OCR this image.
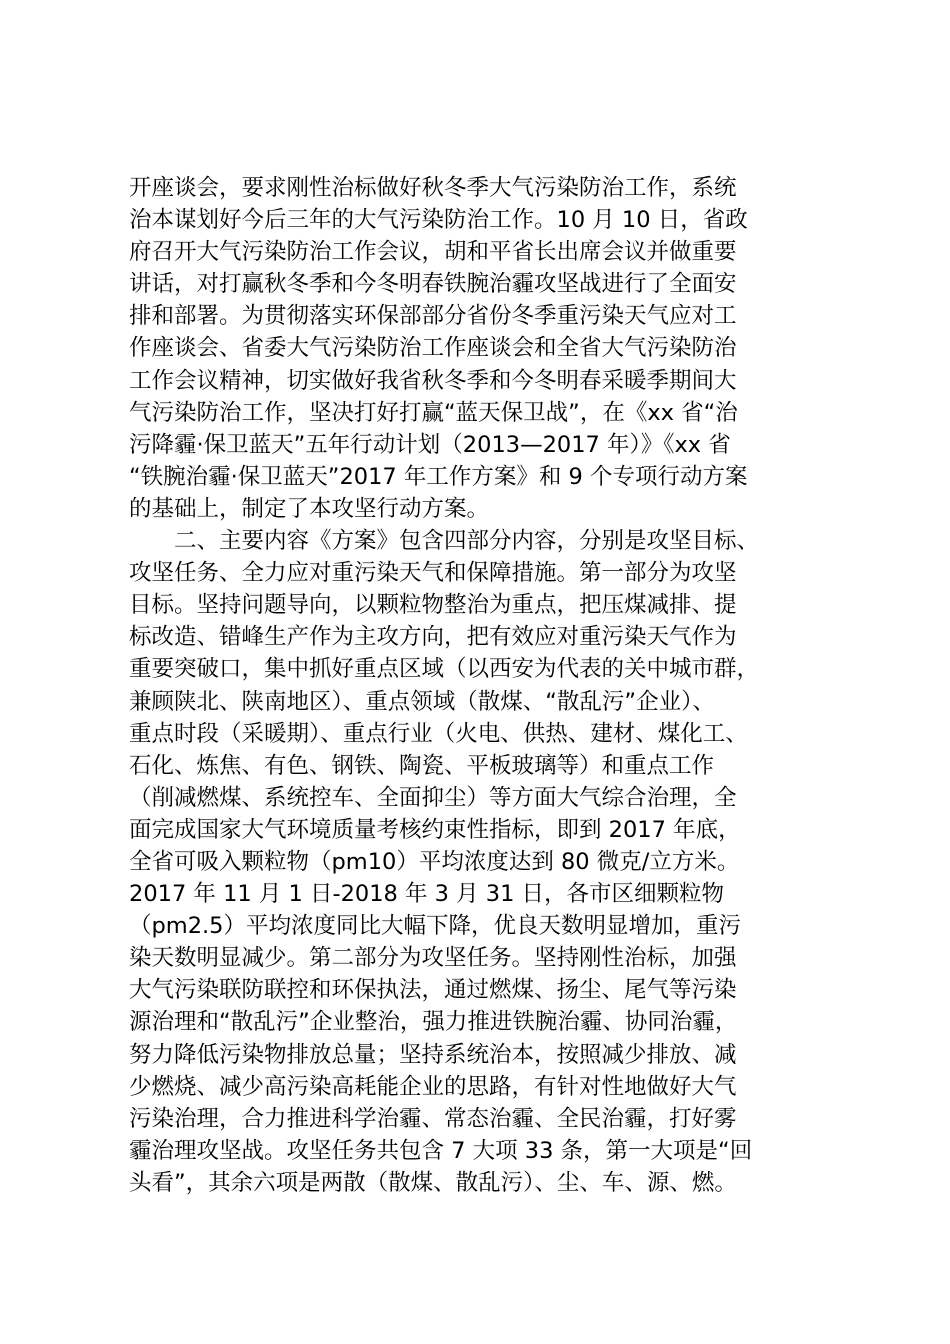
开座谈会，要求刚性治标做好秋冬季大气污染防治工作，系统
治本谋划好今后三年的大气污染防治工作。10 月 10 日，省政
府召开大气污染防治工作会议，胡和平省长出席会议并做重要
讲话，对打赢秋冬季和今冬明春铁腕治霾攻坚战进行了全面安
排和部署。为贯彻落实环保部部分省份冬季重污染天气应对工
作座谈会、省委大气污染防治工作座谈会和全省大气污染防治
工作会议精神，切实做好我省秋冬季和今冬明春采暖季期间大
气污染防治工作，坚决打好打赢“蓝天保卫战”，在《xx 省“治
污降霾·保卫蓝天”五年行动计划（2013—2017 年）》《xx 省
“铁腕治霾·保卫蓝天”2017 年工作方案》和 9 个专项行动方案
的基础上，制定了本攻坚行动方案。
　　二、主要内容《方案》包含四部分内容，分别是攻坚目标、
攻坚任务、全力应对重污染天气和保障措施。第一部分为攻坚
目标。坚持问题导向，以颗粒物整治为重点，把压煤减排、提
标改造、错峰生产作为主攻方向，把有效应对重污染天气作为
重要突破口，集中抓好重点区域（以西安为代表的关中城市群，
兼顾陕北、陕南地区）、重点领域（散煤、“散乱污”企业）、
重点时段（采暖期）、重点行业（火电、供热、建材、煤化工、
石化、炼焦、有色、钢铁、陶瓷、平板玻璃等）和重点工作
（削减燃煤、系统控车、全面抑尘）等方面大气综合治理，全
面完成国家大气环境质量考核约束性指标，即到 2017 年底，
全省可吸入颗粒物（pm10）平均浓度达到 80 微克/立方米。
2017 年 11 月 1 日-2018 年 3 月 31 日，各市区细颗粒物
（pm2.5）平均浓度同比大幅下降，优良天数明显增加，重污
染天数明显减少。第二部分为攻坚任务。坚持刚性治标，加强
大气污染联防联控和环保执法，通过燃煤、扬尘、尾气等污染
源治理和“散乱污”企业整治，强力推进铁腕治霾、协同治霾，
努力降低污染物排放总量；坚持系统治本，按照减少排放、减
少燃烧、减少高污染高耗能企业的思路，有针对性地做好大气
污染治理，合力推进科学治霾、常态治霾、全民治霾，打好雾
霾治理攻坚战。攻坚任务共包含 7 大项 33 条，第一大项是“回
头看”，其余六项是两散（散煤、散乱污）、尘、车、源、燃。
